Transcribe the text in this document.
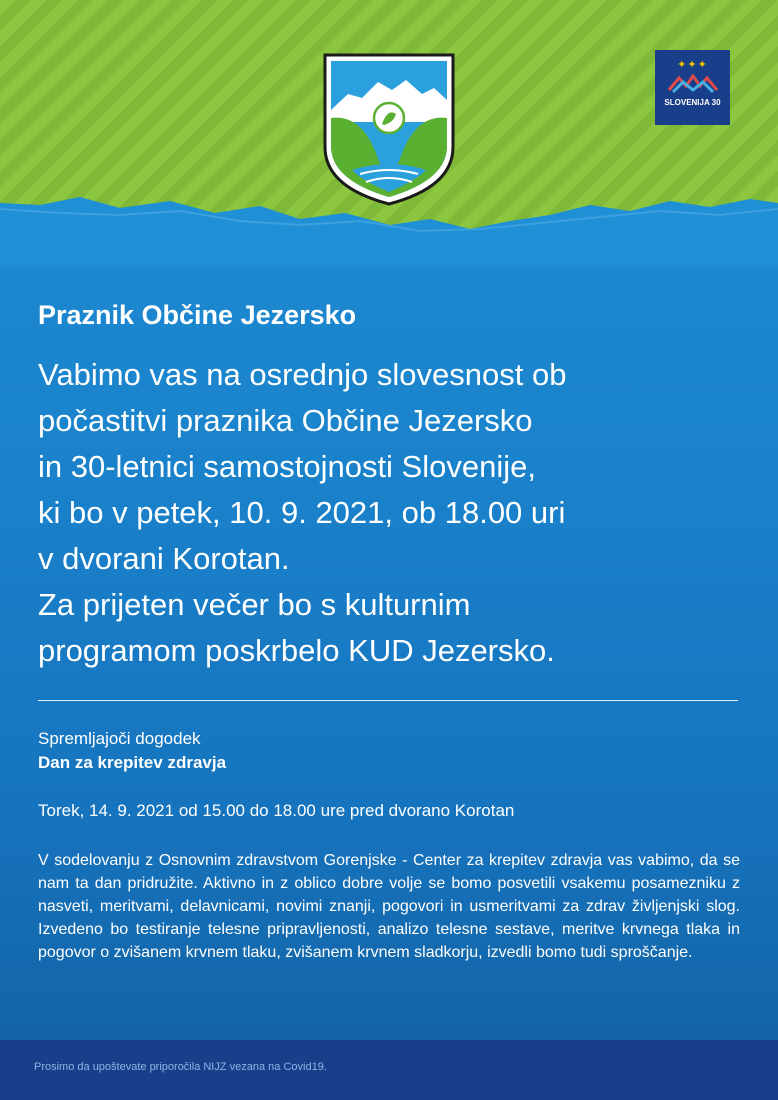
✦✦✦
SLOVENIJA 30
Praznik Občine Jezersko
Vabimo vas na osrednjo slovesnost ob
počastitvi praznika Občine Jezersko
in 30-letnici samostojnosti Slovenije,
ki bo v petek, 10. 9. 2021, ob 18.00 uri
v dvorani Korotan.
Za prijeten večer bo s kulturnim
programom poskrbelo KUD Jezersko.
Spremljajoči dogodek
Dan za krepitev zdravja
Torek, 14. 9. 2021 od 15.00 do 18.00 ure pred dvorano Korotan
V sodelovanju z Osnovnim zdravstvom Gorenjske - Center za krepitev zdravja vas vabimo, da se nam ta dan pridružite. Aktivno in z oblico dobre volje se bomo posvetili vsakemu posamezniku z nasveti, meritvami, delavnicami, novimi znanji, pogovori in usmeritvami za zdrav življenjski slog. Izvedeno bo testiranje telesne pripravljenosti, analizo telesne sestave, meritve krvnega tlaka in pogovor o zvišanem krvnem tlaku, zvišanem krvnem sladkorju, izvedli bomo tudi sproščanje.
Prosimo da upoštevate priporočila NIJZ vezana na Covid19.
